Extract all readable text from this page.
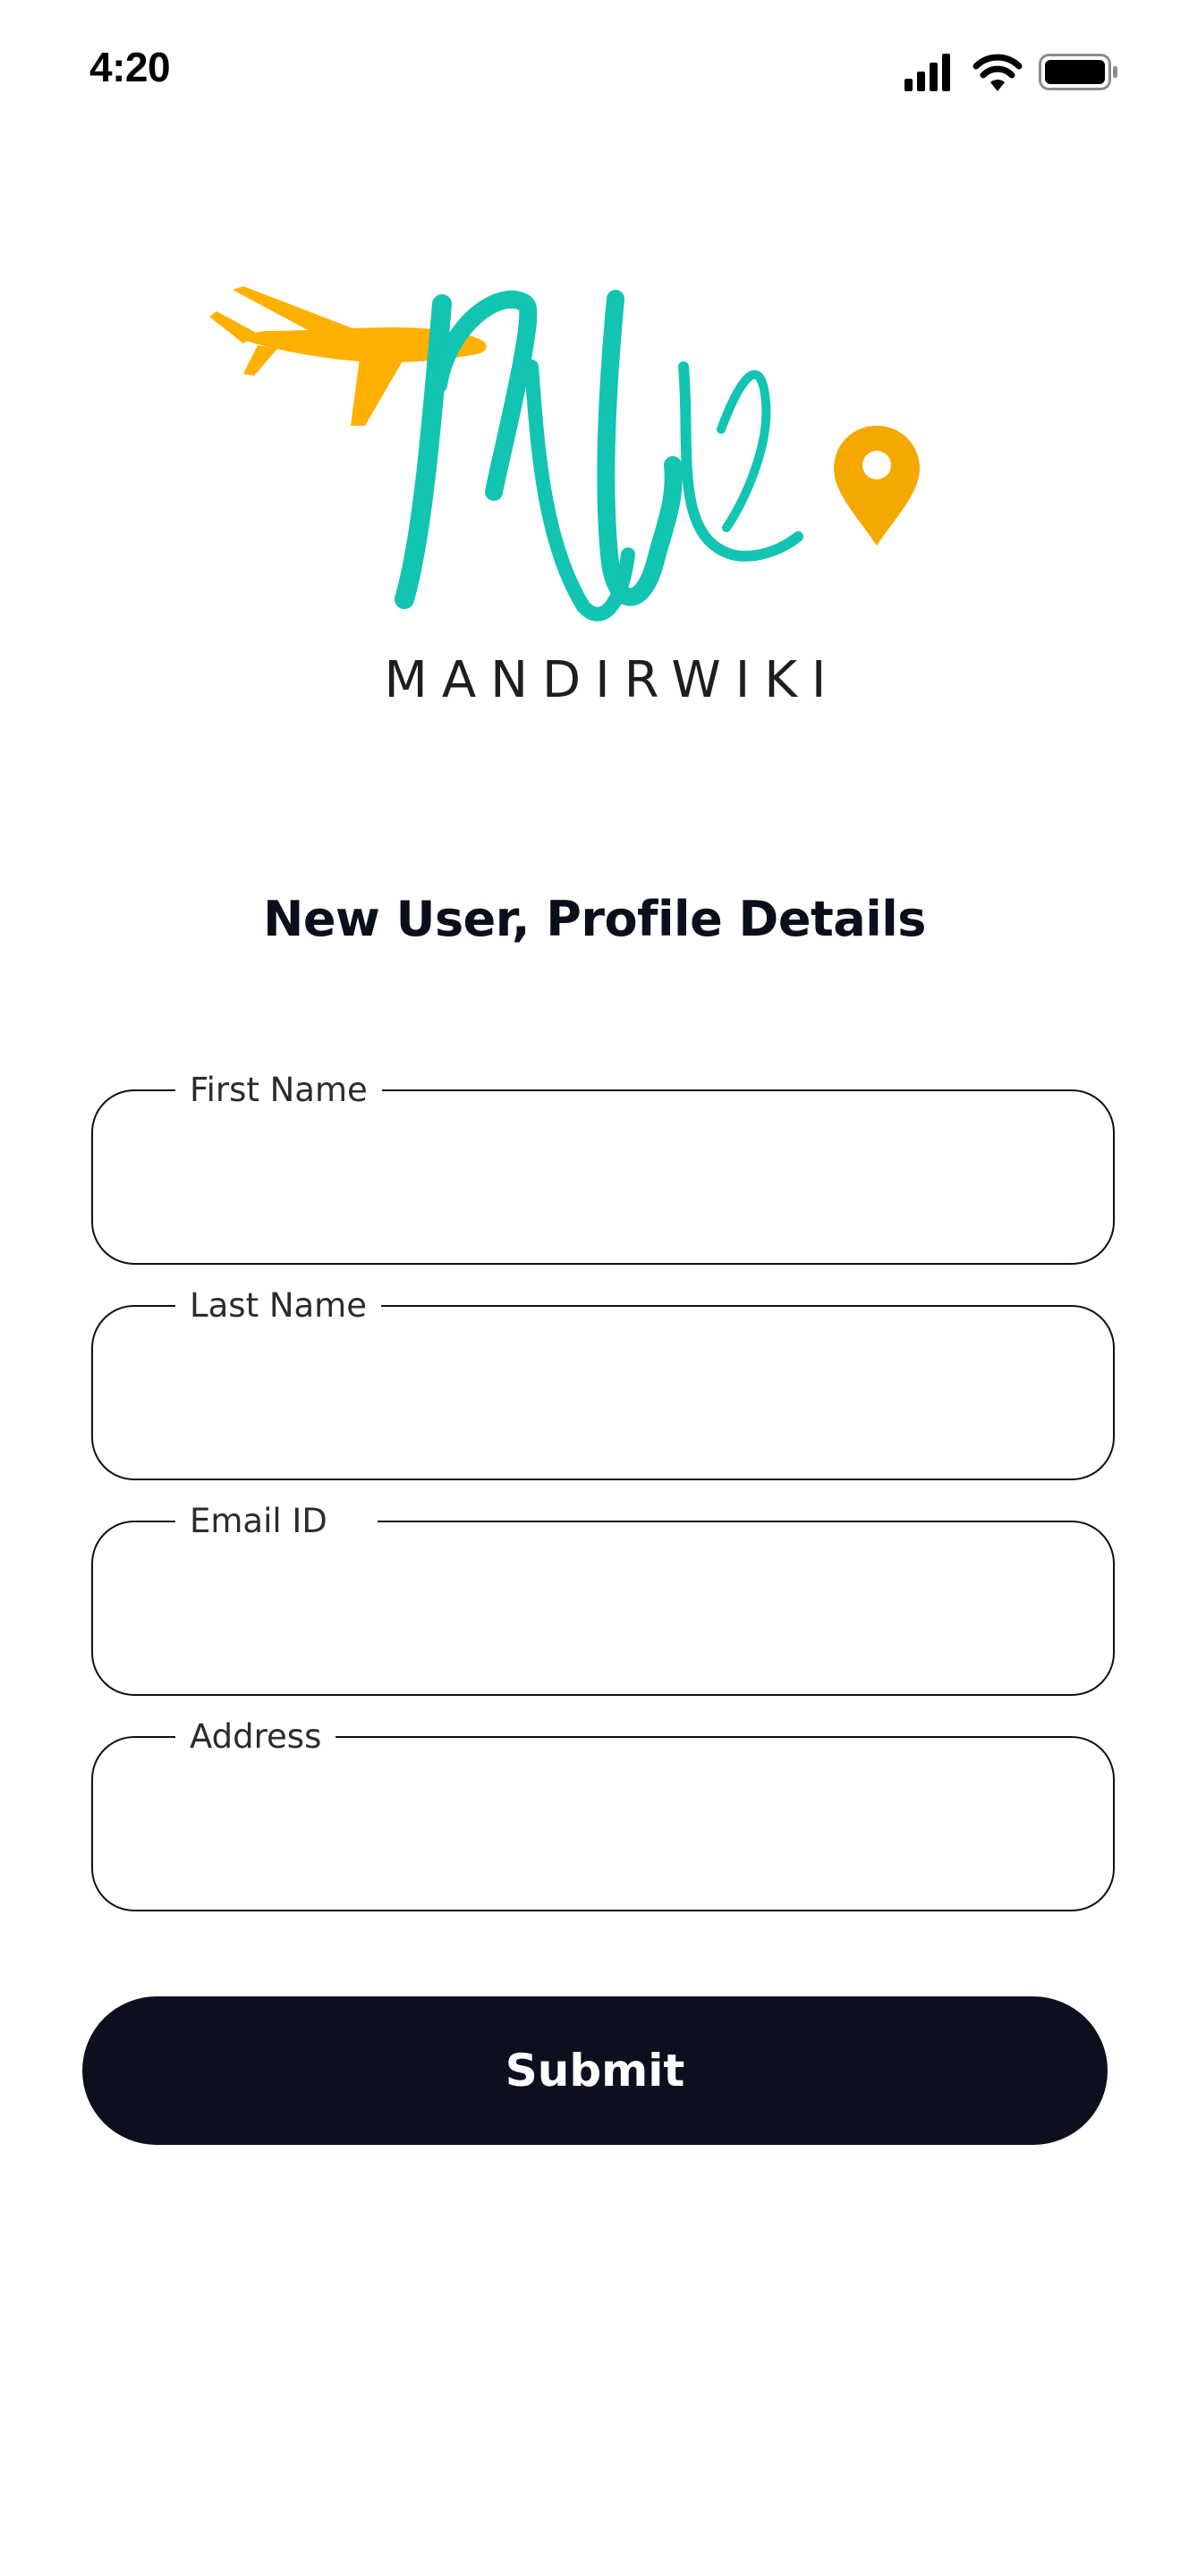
4:20
MANDIRWIKI
New User, Profile Details
First Name
Last Name
Email ID
Address
Submit
